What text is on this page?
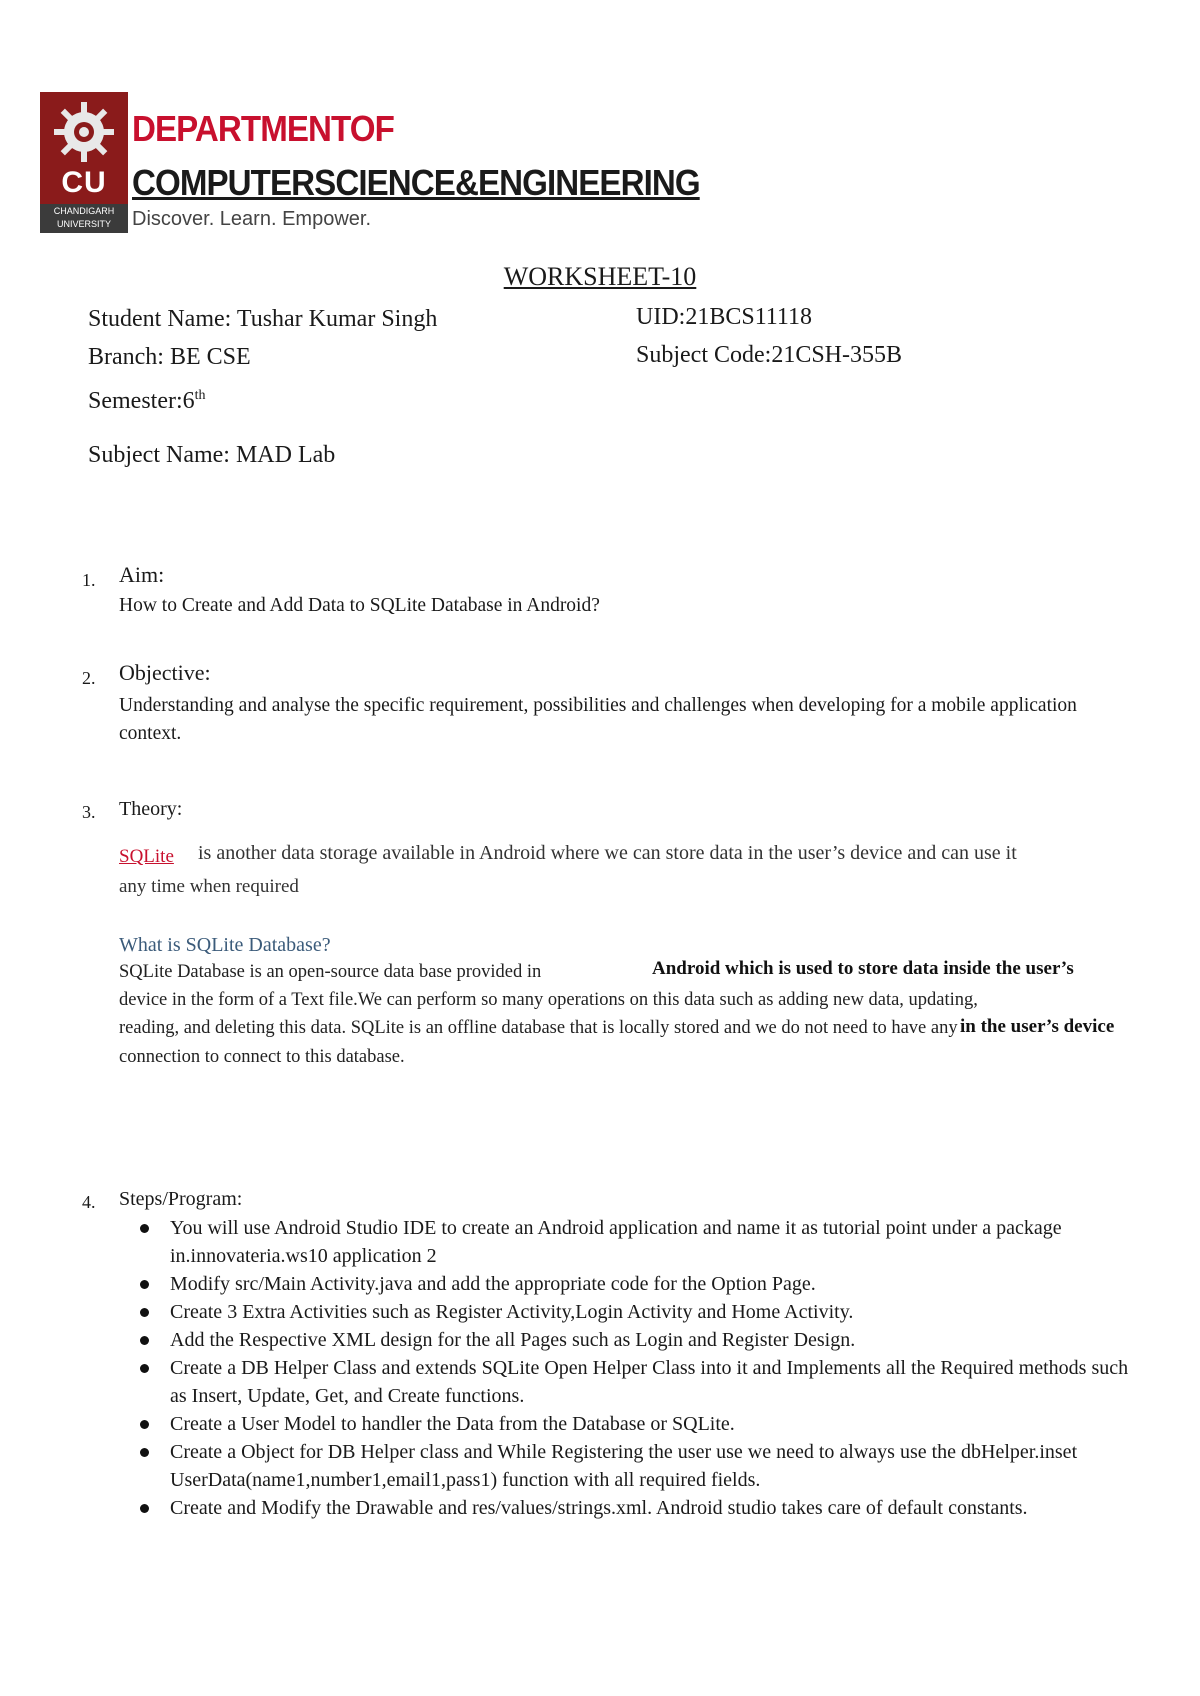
CU
CHANDIGARH UNIVERSITY
DEPARTMENTOF
COMPUTERSCIENCE&ENGINEERING
Discover. Learn. Empower.
WORKSHEET-10
Student Name: Tushar Kumar Singh	UID:21BCS11118
Branch: BE CSE	Subject Code:21CSH-355B
Semester:6th
Subject Name: MAD Lab
1. Aim:
How to Create and Add Data to SQLite Database in Android?
2. Objective:
Understanding and analyse the specific requirement, possibilities and challenges when developing for a mobile application context.
3. Theory:
SQLite is another data storage available in Android where we can store data in the user’s device and can use it
any time when required
What is SQLite Database?
SQLite Database is an open-source data base provided in	Android which is used to store data inside the user’s
device in the form of a Text file.We can perform so many operations on this data such as adding new data, updating,
reading, and deleting this data. SQLite is an offline database that is locally stored and we do not need to have any in the user’s device
connection to connect to this database.
4. Steps/Program:
You will use Android Studio IDE to create an Android application and name it as tutorial point under a package in.innovateria.ws10 application 2
Modify src/Main Activity.java and add the appropriate code for the Option Page.
Create 3 Extra Activities such as Register Activity,Login Activity and Home Activity.
Add the Respective XML design for the all Pages such as Login and Register Design.
Create a DB Helper Class and extends SQLite Open Helper Class into it and Implements all the Required methods such as Insert, Update, Get, and Create functions.
Create a User Model to handler the Data from the Database or SQLite.
Create a Object for DB Helper class and While Registering the user use we need to always use the dbHelper.inset UserData(name1,number1,email1,pass1) function with all required fields.
Create and Modify the Drawable and res/values/strings.xml. Android studio takes care of default constants.
